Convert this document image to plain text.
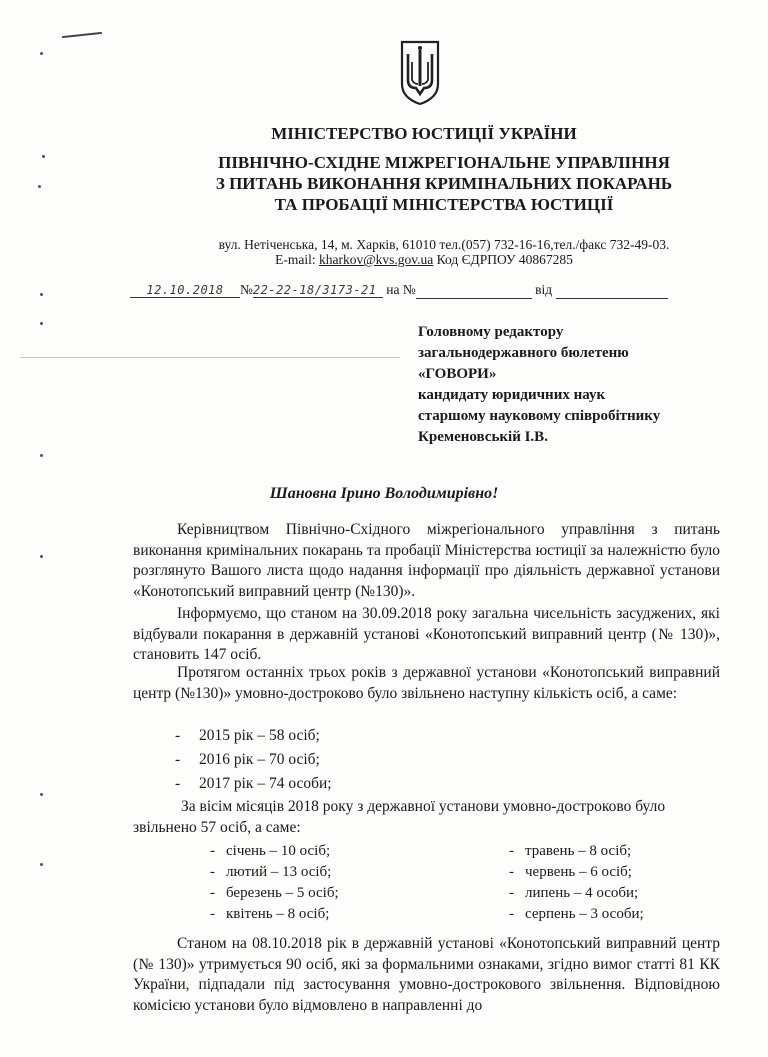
МІНІСТЕРСТВО ЮСТИЦІЇ УКРАЇНИ
ПІВНІЧНО-СХІДНЕ МІЖРЕГІОНАЛЬНЕ УПРАВЛІННЯ
З ПИТАНЬ ВИКОНАННЯ КРИМІНАЛЬНИХ ПОКАРАНЬ
ТА ПРОБАЦІЇ МІНІСТЕРСТВА ЮСТИЦІЇ
вул. Нетіченська, 14, м. Харків, 61010 тел.(057) 732-16-16,тел./факс 732-49-03.
E-mail: kharkov@kvs.gov.ua Код ЄДРПОУ 40867285
12.10.2018 №22-22-18/3173-21 на №	від
Головному редактору
загальнодержавного бюлетеню
«ГОВОРИ»
кандидату юридичних наук
старшому науковому співробітнику
Кременовській І.В.
Шановна Ірино Володимирівно!
Керівництвом Північно-Східного міжрегіонального управління з питань виконання кримінальних покарань та пробації Міністерства юстиції за належністю було розглянуто Вашого листа щодо надання інформації про діяльність державної установи «Конотопський виправний центр (№130)».
Інформуємо, що станом на 30.09.2018 року загальна чисельність засуджених, які відбували покарання в державній установі «Конотопський виправний центр (№ 130)», становить 147 осіб.
Протягом останніх трьох років з державної установи «Конотопський виправний центр (№130)» умовно-достроково було звільнено наступну кількість осіб, а саме:
- 2015 рік – 58 осіб;
- 2016 рік – 70 осіб;
- 2017 рік – 74 особи;
За вісім місяців 2018 року з державної установи умовно-достроково було звільнено 57 осіб, а саме:
- січень – 10 осіб;
- лютий – 13 осіб;
- березень – 5 осіб;
- квітень – 8 осіб;
- травень – 8 осіб;
- червень – 6 осіб;
- липень – 4 особи;
- серпень – 3 особи;
Станом на 08.10.2018 рік в державній установі «Конотопський виправний центр (№ 130)» утримується 90 осіб, які за формальними ознаками, згідно вимог статті 81 КК України, підпадали під застосування умовно-дострокового звільнення. Відповідною комісією установи було відмовлено в направленні до
